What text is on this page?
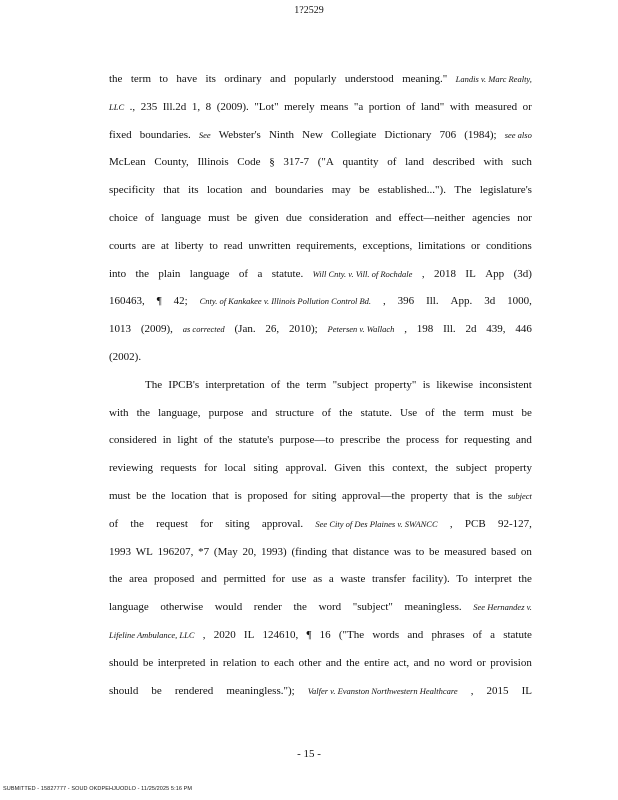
1?2529
the term to have its ordinary and popularly understood meaning." Landis v. Marc Realty,
LLC ., 235 Ill.2d 1, 8 (2009). "Lot" merely means "a portion of land" with measured or
fixed boundaries. See Webster's Ninth New Collegiate Dictionary 706 (1984); see also
McLean County, Illinois Code § 317-7 ("A quantity of land described with such
specificity that its location and boundaries may be established..."). The legislature's
choice of language must be given due consideration and effect—neither agencies nor
courts are at liberty to read unwritten requirements, exceptions, limitations or conditions
into the plain language of a statute. Will Cnty. v. Vill. of Rochdale , 2018 IL App (3d)
160463, ¶ 42; Cnty. of Kankakee v. Illinois Pollution Control Bd. , 396 Ill. App. 3d 1000,
1013 (2009), as corrected (Jan. 26, 2010); Petersen v. Wallach , 198 Ill. 2d 439, 446
(2002).
The IPCB's interpretation of the term "subject property" is likewise inconsistent
with the language, purpose and structure of the statute. Use of the term must be
considered in light of the statute's purpose—to prescribe the process for requesting and
reviewing requests for local siting approval. Given this context, the subject property
must be the location that is proposed for siting approval—the property that is the subject
of the request for siting approval. See City of Des Plaines v. SWANCC , PCB 92-127,
1993 WL 196207, *7 (May 20, 1993) (finding that distance was to be measured based on
the area proposed and permitted for use as a waste transfer facility). To interpret the
language otherwise would render the word "subject" meaningless. See Hernandez v.
Lifeline Ambulance, LLC , 2020 IL 124610, ¶ 16 ("The words and phrases of a statute
should be interpreted in relation to each other and the entire act, and no word or provision
should be rendered meaningless."); Valfer v. Evanston Northwestern Healthcare , 2015 IL
- 15 -
SUBMITTED - 15827777 - SOUD OKDPEHJUODLO - 11/25/2025 5:16 PM
